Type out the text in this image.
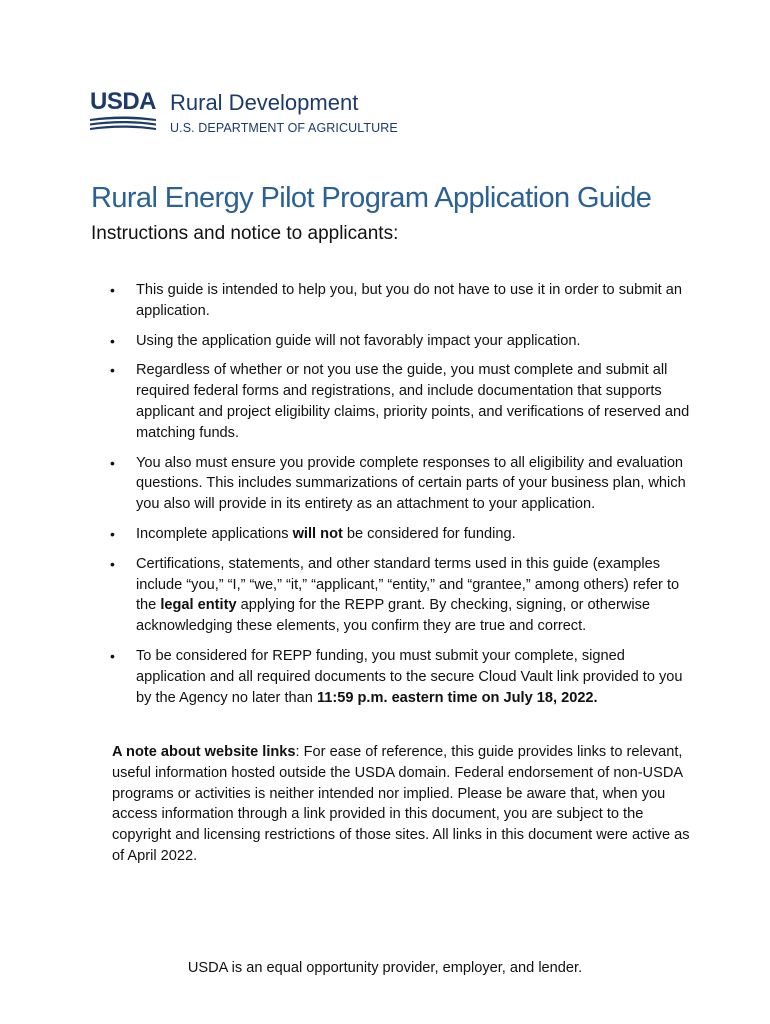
USDA Rural Development
U.S. DEPARTMENT OF AGRICULTURE
Rural Energy Pilot Program Application Guide
Instructions and notice to applicants:
• This guide is intended to help you, but you do not have to use it in order to submit an application.
• Using the application guide will not favorably impact your application.
• Regardless of whether or not you use the guide, you must complete and submit all required federal forms and registrations, and include documentation that supports applicant and project eligibility claims, priority points, and verifications of reserved and matching funds.
• You also must ensure you provide complete responses to all eligibility and evaluation questions. This includes summarizations of certain parts of your business plan, which you also will provide in its entirety as an attachment to your application.
• Incomplete applications will not be considered for funding.
• Certifications, statements, and other standard terms used in this guide (examples include “you,” “I,” “we,” “it,” “applicant,” “entity,” and “grantee,” among others) refer to the legal entity applying for the REPP grant. By checking, signing, or otherwise acknowledging these elements, you confirm they are true and correct.
• To be considered for REPP funding, you must submit your complete, signed application and all required documents to the secure Cloud Vault link provided to you by the Agency no later than 11:59 p.m. eastern time on July 18, 2022.

A note about website links: For ease of reference, this guide provides links to relevant, useful information hosted outside the USDA domain. Federal endorsement of non-USDA programs or activities is neither intended nor implied. Please be aware that, when you access information through a link provided in this document, you are subject to the copyright and licensing restrictions of those sites. All links in this document were active as of April 2022.

USDA is an equal opportunity provider, employer, and lender.
